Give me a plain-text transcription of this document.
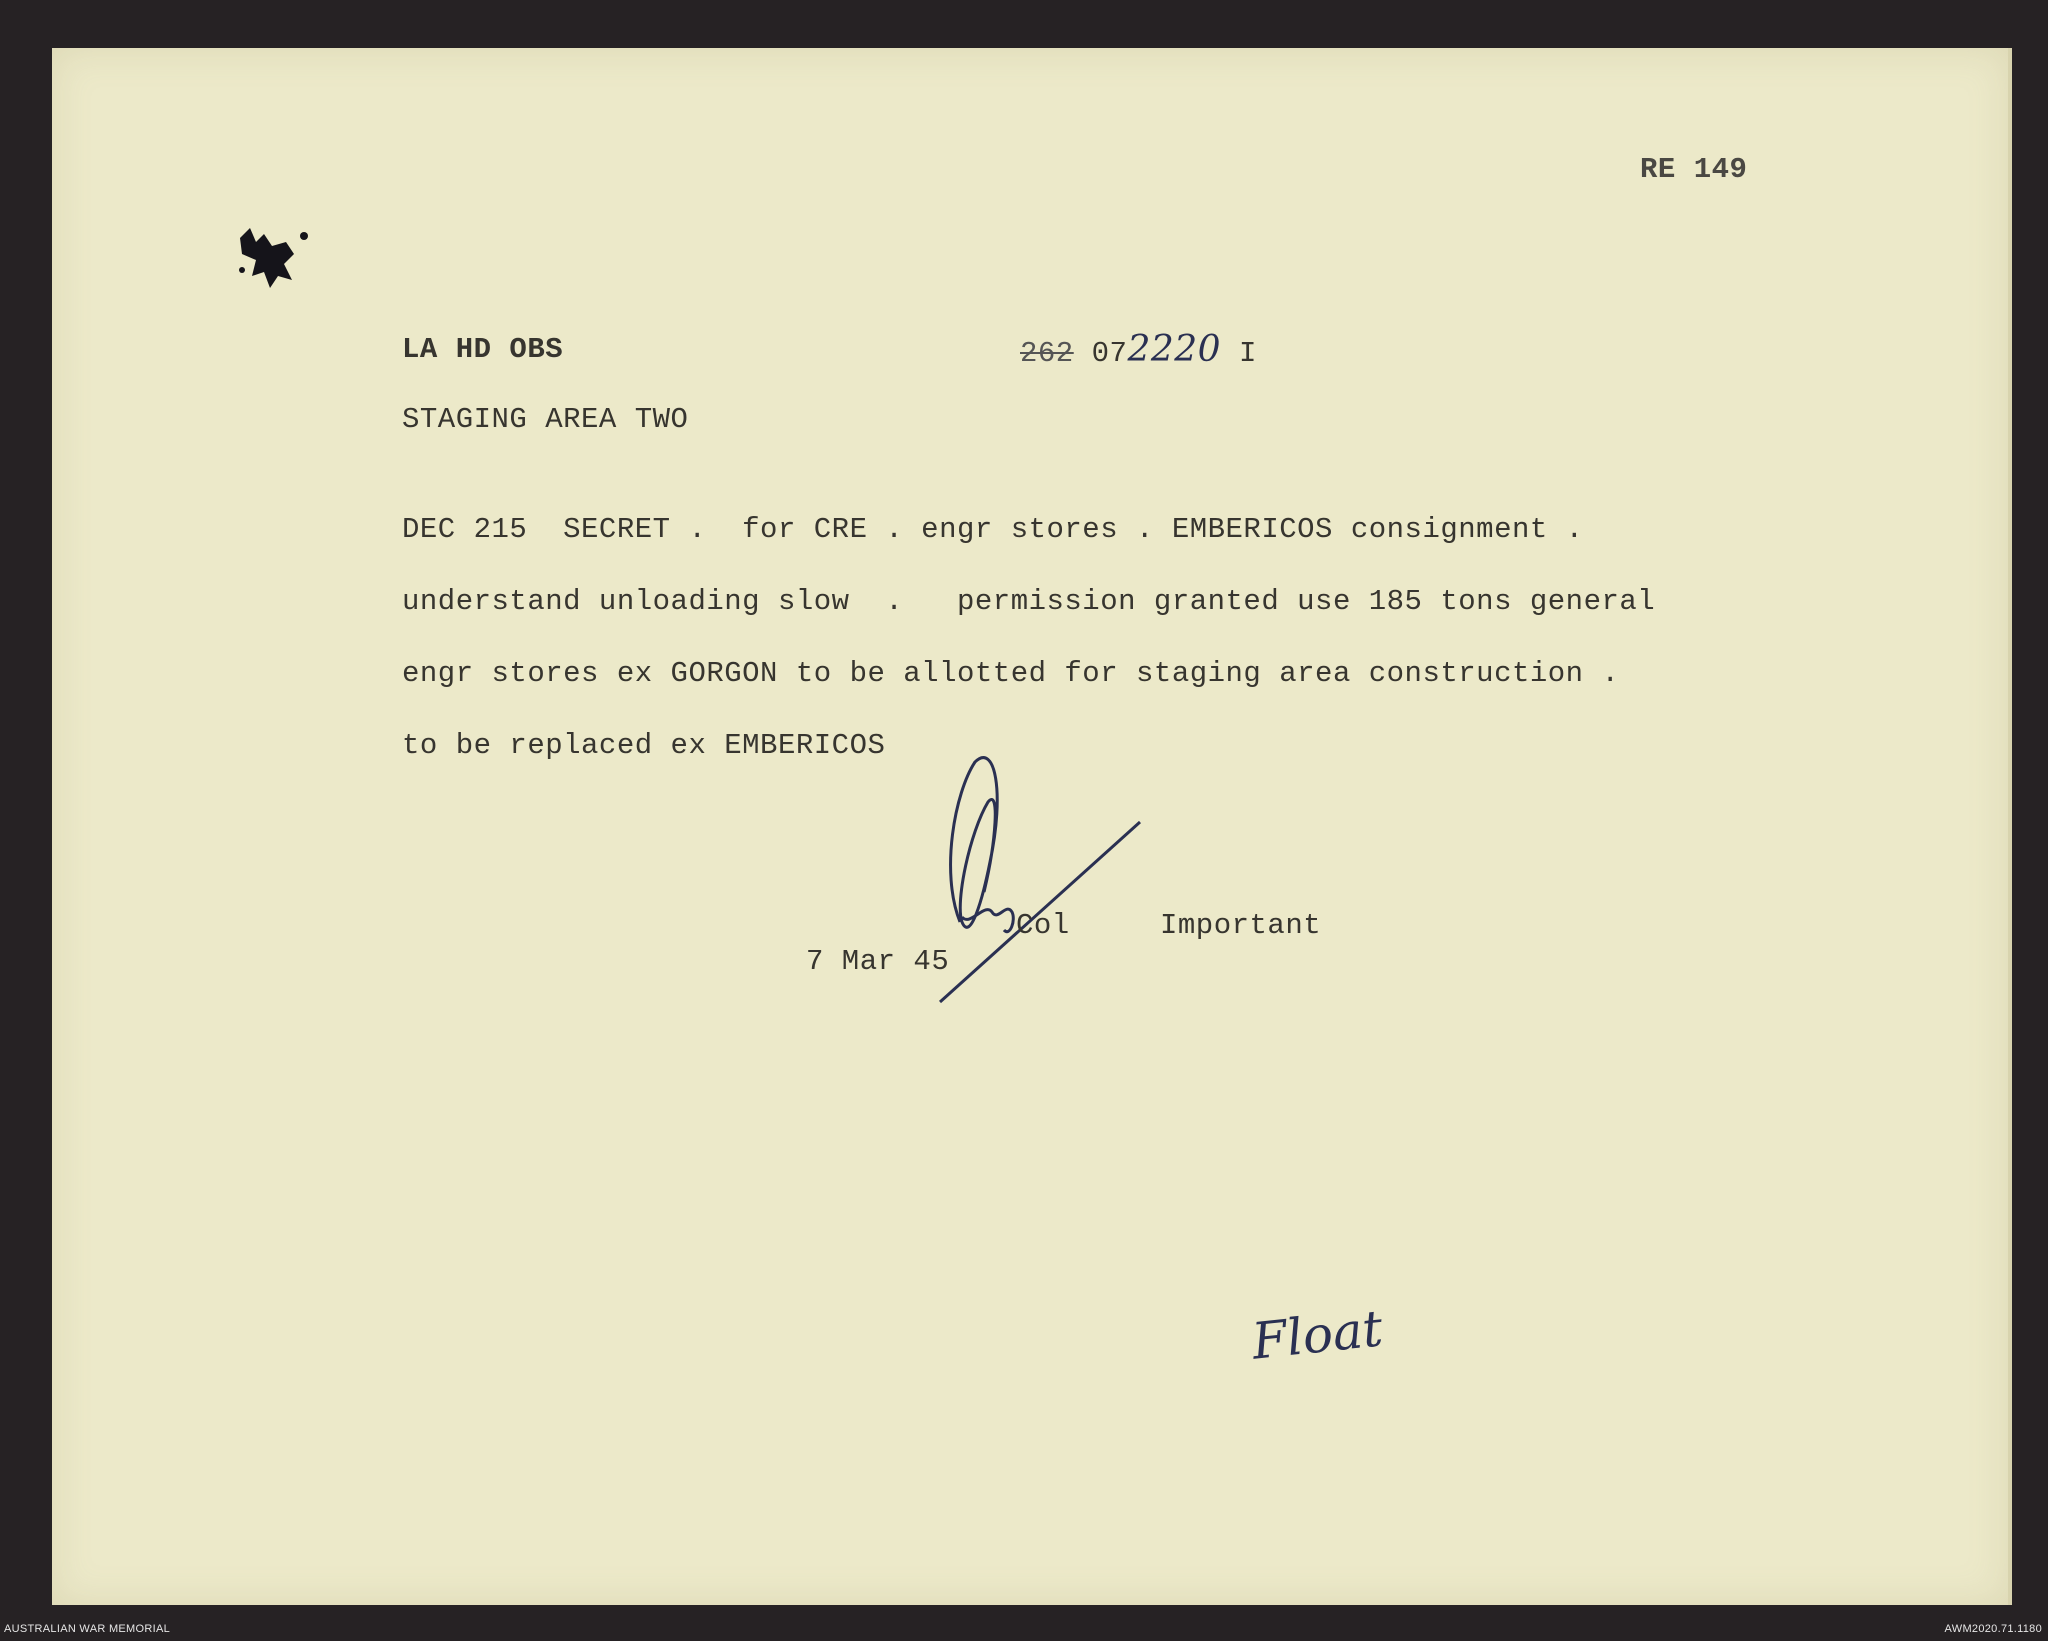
RE 149
LA HD OBS	262 072220 I
STAGING AREA TWO
DEC 215  SECRET .  for CRE . engr stores . EMBERICOS consignment .
understand unloading slow  .   permission granted use 185 tons general
engr stores ex GORGON to be allotted for staging area construction .
to be replaced ex EMBERICOS
7 Mar 45
Col	Important
Float
AUSTRALIAN WAR MEMORIAL	AWM2020.71.1180
